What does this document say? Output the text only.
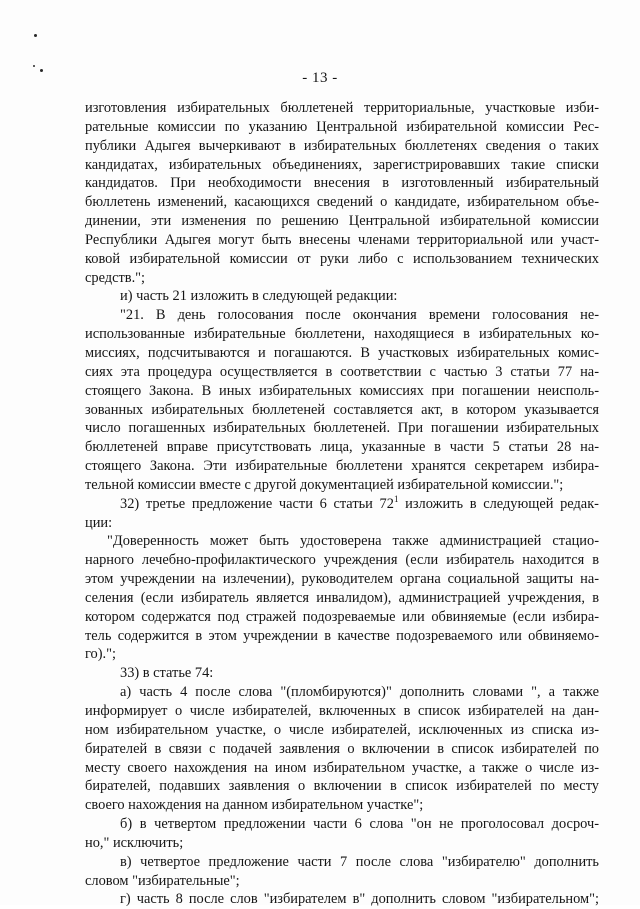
- 13 -
изготовления избирательных бюллетеней территориальные, участковые изби-
рательные комиссии по указанию Центральной избирательной комиссии Рес-
публики Адыгея вычеркивают в избирательных бюллетенях сведения о таких
кандидатах, избирательных объединениях, зарегистрировавших такие списки
кандидатов. При необходимости внесения в изготовленный избирательный
бюллетень изменений, касающихся сведений о кандидате, избирательном объе-
динении, эти изменения по решению Центральной избирательной комиссии
Республики Адыгея могут быть внесены членами территориальной или участ-
ковой избирательной комиссии от руки либо с использованием технических
средств.";
и) часть 21 изложить в следующей редакции:
"21. В день голосования после окончания времени голосования не-
использованные избирательные бюллетени, находящиеся в избирательных ко-
миссиях, подсчитываются и погашаются. В участковых избирательных комис-
сиях эта процедура осуществляется в соответствии с частью 3 статьи 77 на-
стоящего Закона. В иных избирательных комиссиях при погашении неисполь-
зованных избирательных бюллетеней составляется акт, в котором указывается
число погашенных избирательных бюллетеней. При погашении избирательных
бюллетеней вправе присутствовать лица, указанные в части 5 статьи 28 на-
стоящего Закона. Эти избирательные бюллетени хранятся секретарем избира-
тельной комиссии вместе с другой документацией избирательной комиссии.";
32) третье предложение части 6 статьи $72^1$ изложить в следующей редак-
ции:
"Доверенность может быть удостоверена также администрацией стацио-
нарного лечебно-профилактического учреждения (если избиратель находится в
этом учреждении на излечении), руководителем органа социальной защиты на-
селения (если избиратель является инвалидом), администрацией учреждения, в
котором содержатся под стражей подозреваемые или обвиняемые (если избира-
тель содержится в этом учреждении в качестве подозреваемого или обвиняемо-
го).";
33) в статье 74:
а) часть 4 после слова "(пломбируются)" дополнить словами ", а также
информирует о числе избирателей, включенных в список избирателей на дан-
ном избирательном участке, о числе избирателей, исключенных из списка из-
бирателей в связи с подачей заявления о включении в список избирателей по
месту своего нахождения на ином избирательном участке, а также о числе из-
бирателей, подавших заявления о включении в список избирателей по месту
своего нахождения на данном избирательном участке";
б) в четвертом предложении части 6 слова "он не проголосовал досроч-
но," исключить;
в) четвертое предложение части 7 после слова "избирателю" дополнить
словом "избирательные";
г) часть 8 после слов "избирателем в" дополнить словом "избирательном";
